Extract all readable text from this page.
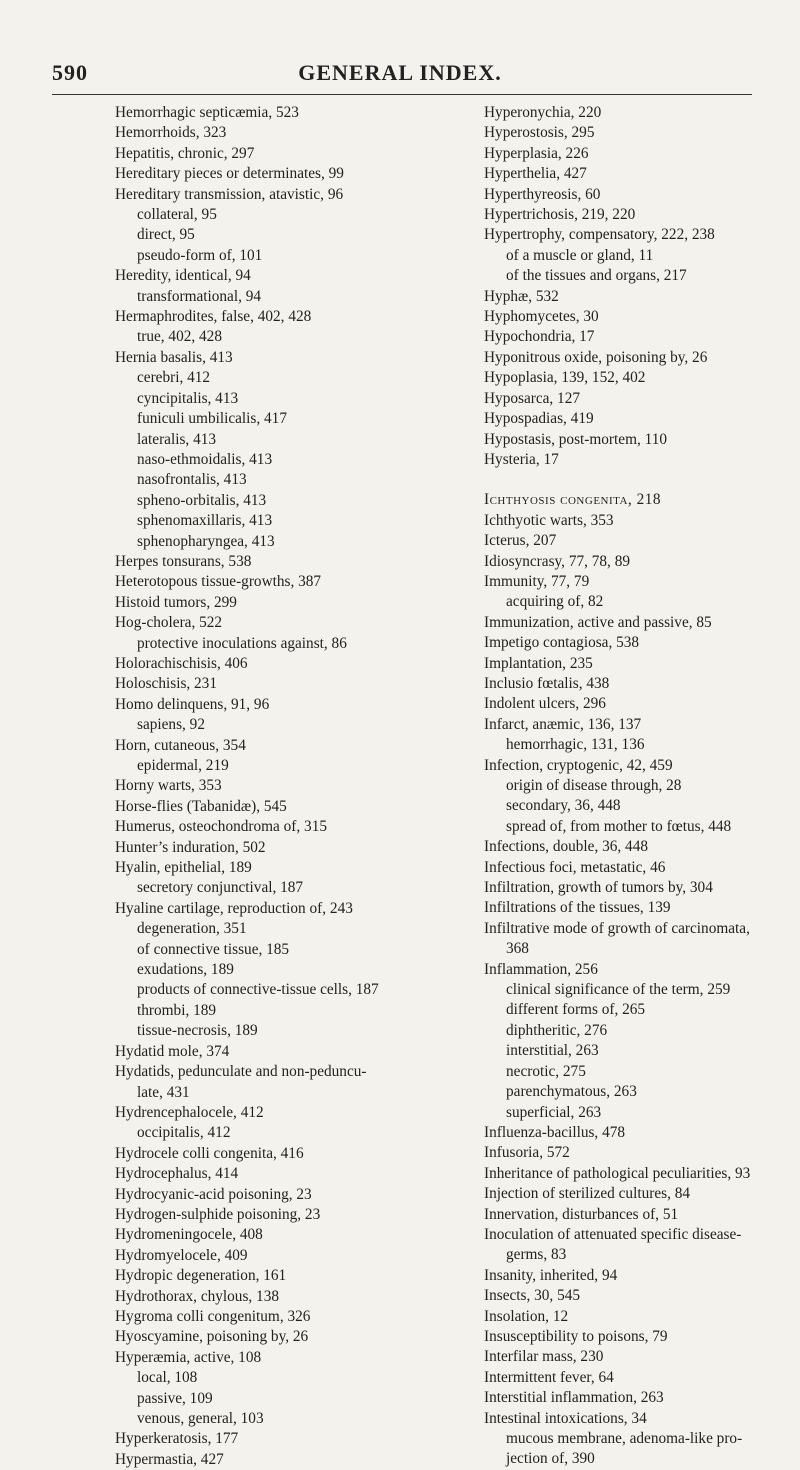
590	GENERAL INDEX.
Hemorrhagic septicæmia, 523
Hemorrhoids, 323
Hepatitis, chronic, 297
Hereditary pieces or determinates, 99
Hereditary transmission, atavistic, 96
collateral, 95
direct, 95
pseudo-form of, 101
Heredity, identical, 94
transformational, 94
Hermaphrodites, false, 402, 428
true, 402, 428
Hernia basalis, 413
cerebri, 412
cyncipitalis, 413
funiculi umbilicalis, 417
lateralis, 413
naso-ethmoidalis, 413
nasofrontalis, 413
spheno-orbitalis, 413
sphenomaxillaris, 413
sphenopharyngea, 413
Herpes tonsurans, 538
Heterotopous tissue-growths, 387
Histoid tumors, 299
Hog-cholera, 522
protective inoculations against, 86
Holorachischisis, 406
Holoschisis, 231
Homo delinquens, 91, 96
sapiens, 92
Horn, cutaneous, 354
epidermal, 219
Horny warts, 353
Horse-flies (Tabanidæ), 545
Humerus, osteochondroma of, 315
Hunter’s induration, 502
Hyalin, epithelial, 189
secretory conjunctival, 187
Hyaline cartilage, reproduction of, 243
degeneration, 351
of connective tissue, 185
exudations, 189
products of connective-tissue cells, 187
thrombi, 189
tissue-necrosis, 189
Hydatid mole, 374
Hydatids, pedunculate and non-peduncu-
late, 431
Hydrencephalocele, 412
occipitalis, 412
Hydrocele colli congenita, 416
Hydrocephalus, 414
Hydrocyanic-acid poisoning, 23
Hydrogen-sulphide poisoning, 23
Hydromeningocele, 408
Hydromyelocele, 409
Hydropic degeneration, 161
Hydrothorax, chylous, 138
Hygroma colli congenitum, 326
Hyoscyamine, poisoning by, 26
Hyperæmia, active, 108
local, 108
passive, 109
venous, general, 103
Hyperkeratosis, 177
Hypermastia, 427
Hyperonychia, 220
Hyperostosis, 295
Hyperplasia, 226
Hyperthelia, 427
Hyperthyreosis, 60
Hypertrichosis, 219, 220
Hypertrophy, compensatory, 222, 238
of a muscle or gland, 11
of the tissues and organs, 217
Hyphæ, 532
Hyphomycetes, 30
Hypochondria, 17
Hyponitrous oxide, poisoning by, 26
Hypoplasia, 139, 152, 402
Hyposarca, 127
Hypospadias, 419
Hypostasis, post-mortem, 110
Hysteria, 17
Ichthyosis congenita, 218
Ichthyotic warts, 353
Icterus, 207
Idiosyncrasy, 77, 78, 89
Immunity, 77, 79
acquiring of, 82
Immunization, active and passive, 85
Impetigo contagiosa, 538
Implantation, 235
Inclusio fœtalis, 438
Indolent ulcers, 296
Infarct, anæmic, 136, 137
hemorrhagic, 131, 136
Infection, cryptogenic, 42, 459
origin of disease through, 28
secondary, 36, 448
spread of, from mother to fœtus, 448
Infections, double, 36, 448
Infectious foci, metastatic, 46
Infiltration, growth of tumors by, 304
Infiltrations of the tissues, 139
Infiltrative mode of growth of carcinomata,
368
Inflammation, 256
clinical significance of the term, 259
different forms of, 265
diphtheritic, 276
interstitial, 263
necrotic, 275
parenchymatous, 263
superficial, 263
Influenza-bacillus, 478
Infusoria, 572
Inheritance of pathological peculiarities, 93
Injection of sterilized cultures, 84
Innervation, disturbances of, 51
Inoculation of attenuated specific disease-
germs, 83
Insanity, inherited, 94
Insects, 30, 545
Insolation, 12
Insusceptibility to poisons, 79
Interfilar mass, 230
Intermittent fever, 64
Interstitial inflammation, 263
Intestinal intoxications, 34
mucous membrane, adenoma-like pro-
jection of, 390
